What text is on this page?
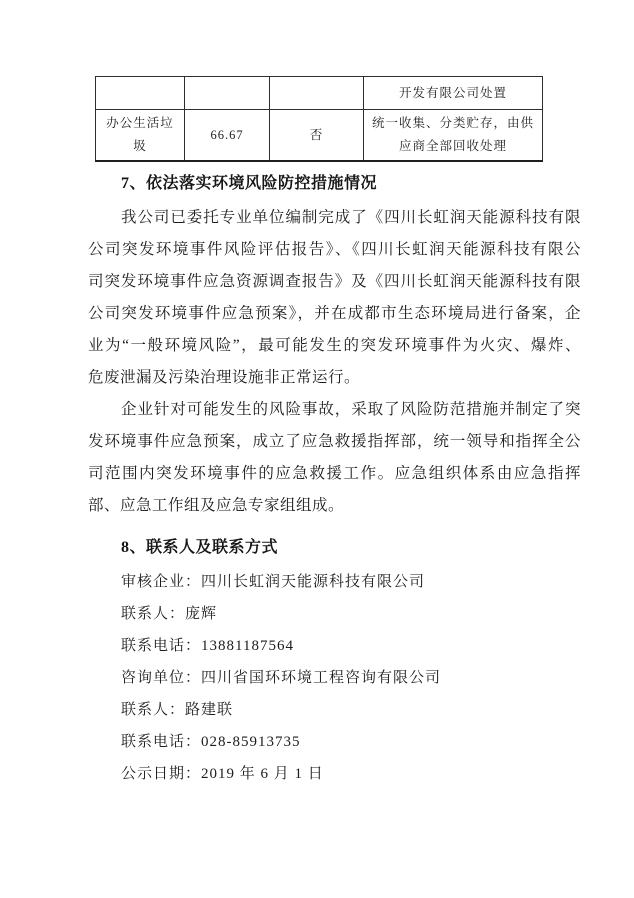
			开发有限公司处置
办公生活垃圾	66.67	否	统一收集、分类贮存，由供应商全部回收处理
7、依法落实环境风险防控措施情况
我公司已委托专业单位编制完成了《四川长虹润天能源科技有限
公司突发环境事件风险评估报告》、《四川长虹润天能源科技有限公
司突发环境事件应急资源调查报告》及《四川长虹润天能源科技有限
公司突发环境事件应急预案》，并在成都市生态环境局进行备案，企
业为“一般环境风险”，最可能发生的突发环境事件为火灾、爆炸、
危废泄漏及污染治理设施非正常运行。
企业针对可能发生的风险事故，采取了风险防范措施并制定了突
发环境事件应急预案，成立了应急救援指挥部，统一领导和指挥全公
司范围内突发环境事件的应急救援工作。应急组织体系由应急指挥
部、应急工作组及应急专家组组成。
8、联系人及联系方式
审核企业：四川长虹润天能源科技有限公司
联系人：庞辉
联系电话：13881187564
咨询单位：四川省国环环境工程咨询有限公司
联系人：路建联
联系电话：028-85913735
公示日期：2019 年 6 月 1 日
